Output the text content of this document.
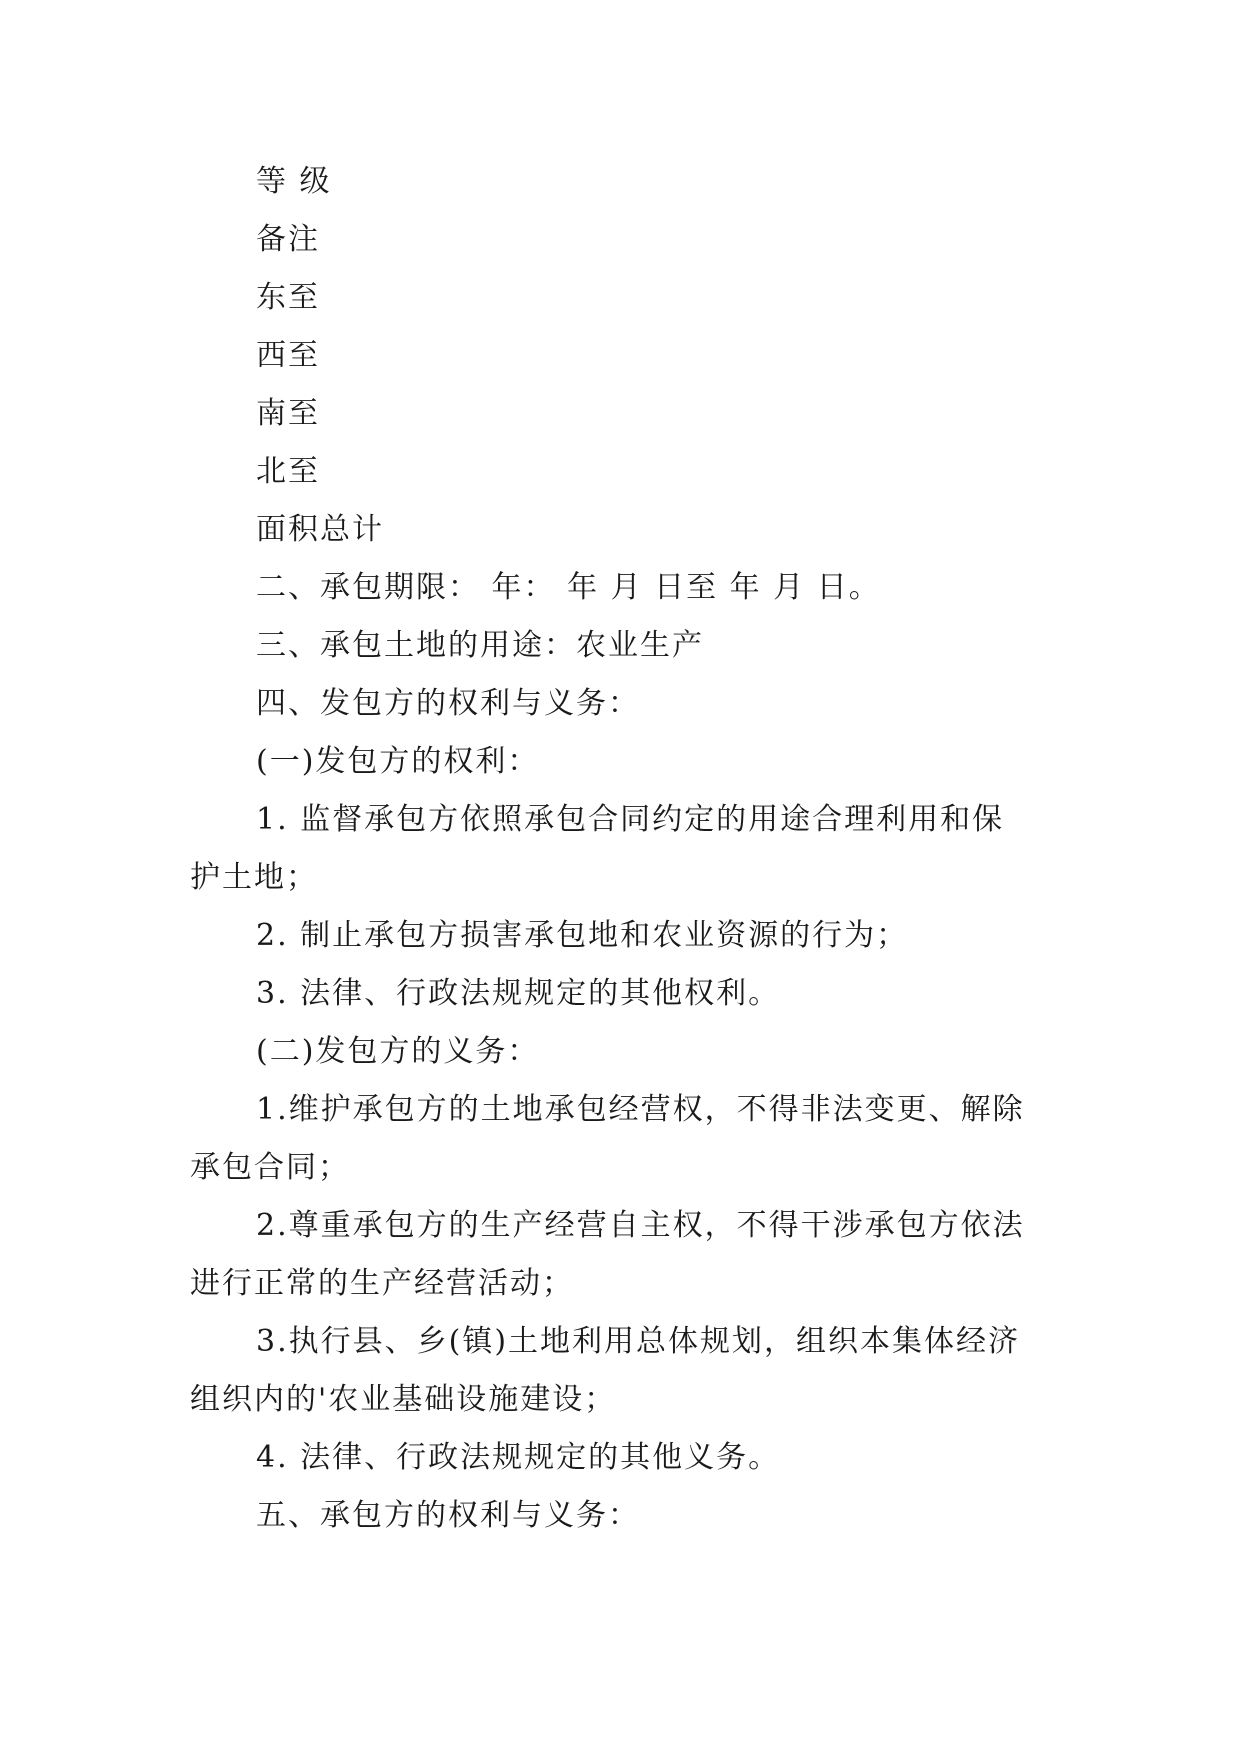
等 级
备注
东至
西至
南至
北至
面积总计
二、承包期限： 年： 年 月 日至 年 月 日。
三、承包土地的用途：农业生产
四、发包方的权利与义务：
(一)发包方的权利：
1. 监督承包方依照承包合同约定的用途合理利用和保
护土地；
2. 制止承包方损害承包地和农业资源的行为；
3. 法律、行政法规规定的其他权利。
(二)发包方的义务：
1.维护承包方的土地承包经营权，不得非法变更、解除
承包合同；
2.尊重承包方的生产经营自主权，不得干涉承包方依法
进行正常的生产经营活动；
3.执行县、乡(镇)土地利用总体规划，组织本集体经济
组织内的'农业基础设施建设；
4. 法律、行政法规规定的其他义务。
五、承包方的权利与义务：
